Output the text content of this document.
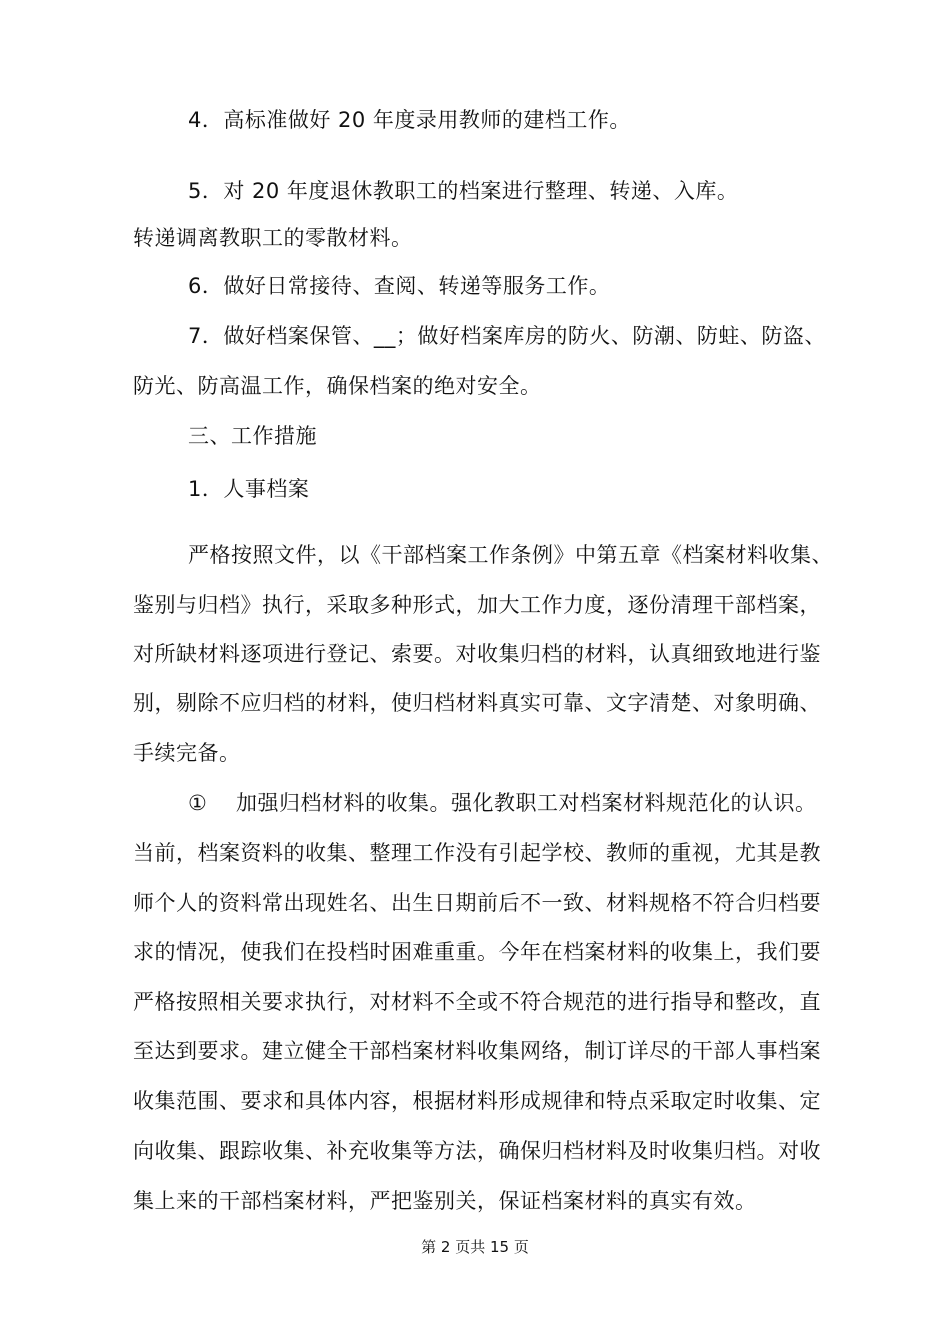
4．高标准做好 20 年度录用教师的建档工作。
5．对 20 年度退休教职工的档案进行整理、转递、入库。
转递调离教职工的零散材料。
6．做好日常接待、查阅、转递等服务工作。
7．做好档案保管、__；做好档案库房的防火、防潮、防蛀、防盗、
防光、防高温工作，确保档案的绝对安全。
三、工作措施
1．人事档案
严格按照文件，以《干部档案工作条例》中第五章《档案材料收集、
鉴别与归档》执行，采取多种形式，加大工作力度，逐份清理干部档案，
对所缺材料逐项进行登记、索要。对收集归档的材料，认真细致地进行鉴
别，剔除不应归档的材料，使归档材料真实可靠、文字清楚、对象明确、
手续完备。
①　 加强归档材料的收集。强化教职工对档案材料规范化的认识。
当前，档案资料的收集、整理工作没有引起学校、教师的重视，尤其是教
师个人的资料常出现姓名、出生日期前后不一致、材料规格不符合归档要
求的情况，使我们在投档时困难重重。今年在档案材料的收集上，我们要
严格按照相关要求执行，对材料不全或不符合规范的进行指导和整改，直
至达到要求。建立健全干部档案材料收集网络，制订详尽的干部人事档案
收集范围、要求和具体内容，根据材料形成规律和特点采取定时收集、定
向收集、跟踪收集、补充收集等方法，确保归档材料及时收集归档。对收
集上来的干部档案材料，严把鉴别关，保证档案材料的真实有效。
第 2 页共 15 页
